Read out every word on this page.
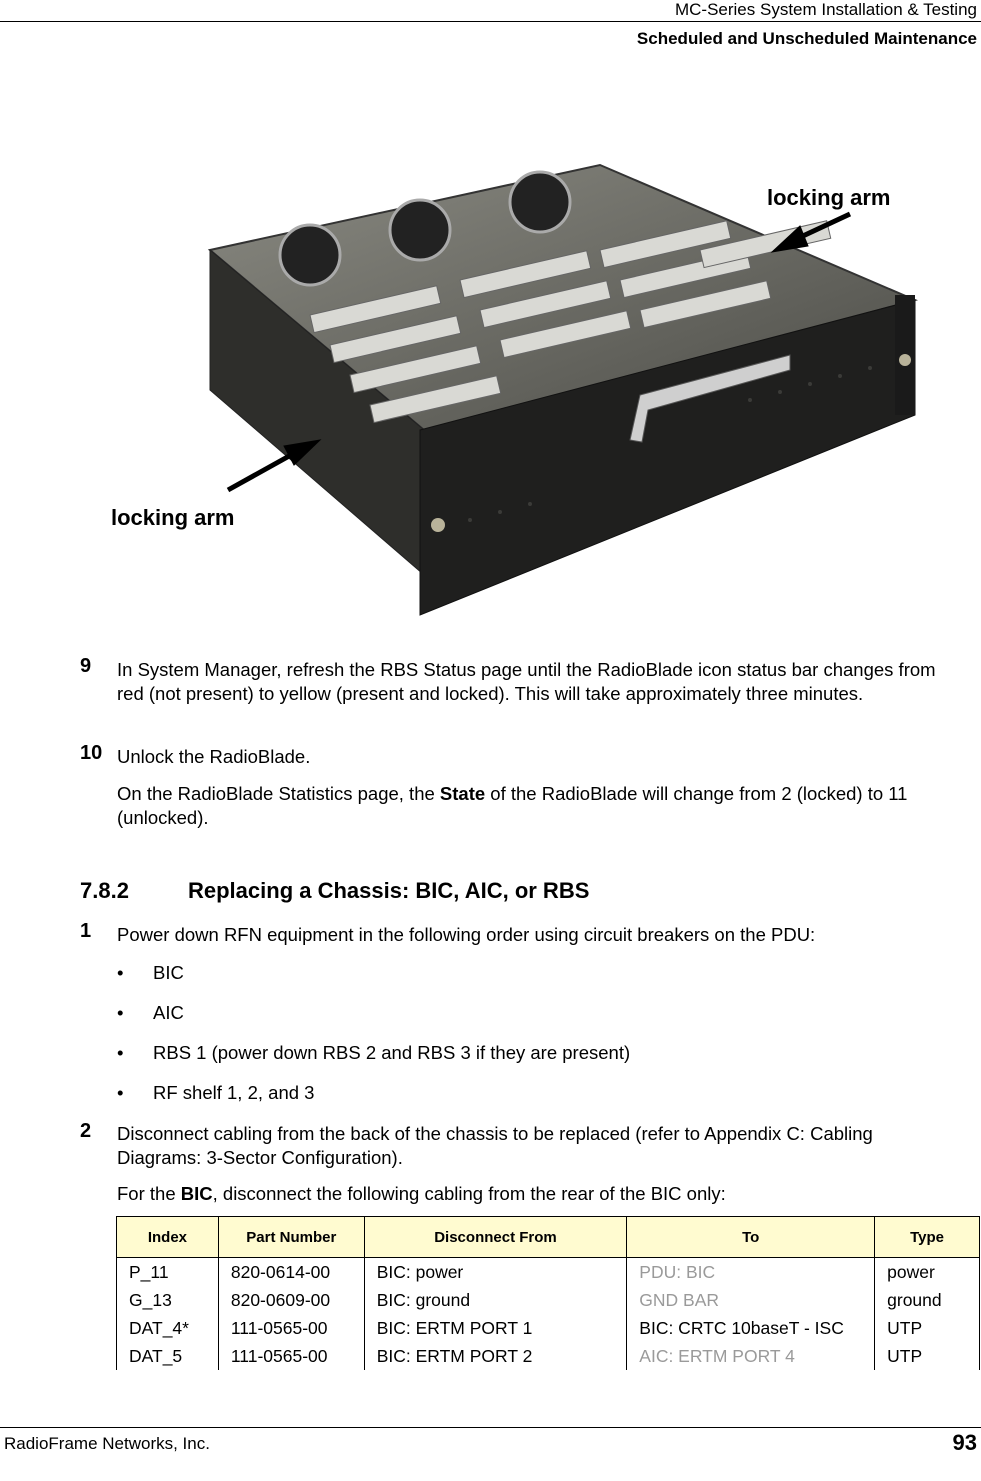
MC-Series System Installation & Testing
Scheduled and Unscheduled Maintenance
locking arm
locking arm
9 In System Manager, refresh the RBS Status page until the RadioBlade icon status bar changes from red (not present) to yellow (present and locked). This will take approximately three minutes.
10 Unlock the RadioBlade.
On the RadioBlade Statistics page, the State of the RadioBlade will change from 2 (locked) to 11 (unlocked).
7.8.2	Replacing a Chassis: BIC, AIC, or RBS
1 Power down RFN equipment in the following order using circuit breakers on the PDU:
• BIC
• AIC
• RBS 1 (power down RBS 2 and RBS 3 if they are present)
• RF shelf 1, 2, and 3
2 Disconnect cabling from the back of the chassis to be replaced (refer to Appendix C: Cabling Diagrams: 3-Sector Configuration).
For the BIC, disconnect the following cabling from the rear of the BIC only:
Index	Part Number	Disconnect From	To	Type
P_11	820-0614-00	BIC: power	PDU: BIC	power
G_13	820-0609-00	BIC: ground	GND BAR	ground
DAT_4*	111-0565-00	BIC: ERTM PORT 1	BIC: CRTC 10baseT - ISC	UTP
DAT_5	111-0565-00	BIC: ERTM PORT 2	AIC: ERTM PORT 4	UTP
RadioFrame Networks, Inc.	93
